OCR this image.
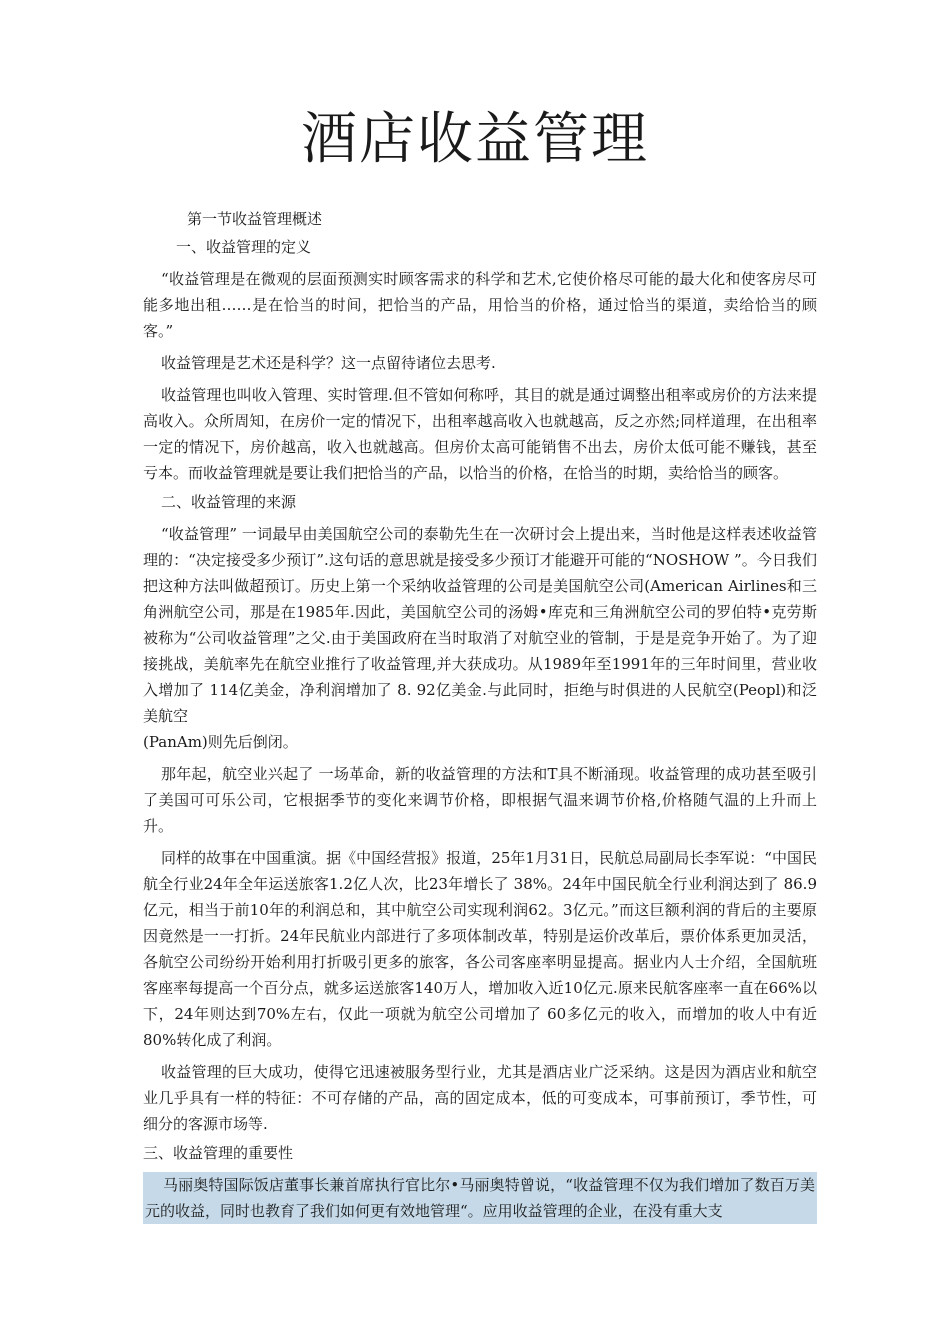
酒店收益管理

第一节收益管理概述

一、收益管理的定义

“收益管理是在微观的层面预测实时顾客需求的科学和艺术,它使价格尽可能的最大化和使客房尽可能多地出租……是在恰当的时间，把恰当的产品，用恰当的价格，通过恰当的渠道，卖给恰当的顾客。”

收益管理是艺术还是科学？这一点留待诸位去思考.

收益管理也叫收入管理、实时管理.但不管如何称呼，其目的就是通过调整出租率或房价的方法来提高收入。众所周知，在房价一定的情况下，出租率越高收入也就越高，反之亦然;同样道理，在出租率一定的情况下，房价越高，收入也就越高。但房价太高可能销售不出去，房价太低可能不赚钱，甚至亏本。而收益管理就是要让我们把恰当的产品，以恰当的价格，在恰当的时期，卖给恰当的顾客。

二、收益管理的来源

“收益管理” 一词最早由美国航空公司的泰勒先生在一次研讨会上提出来，当时他是这样表述收益管理的：“决定接受多少预订”.这句话的意思就是接受多少预订才能避开可能的“NOSHOW ”。今日我们把这种方法叫做超预订。历史上第一个采纳收益管理的公司是美国航空公司(American Airlines和三角洲航空公司，那是在1985年.因此，美国航空公司的汤姆•库克和三角洲航空公司的罗伯特•克劳斯被称为“公司收益管理”之父.由于美国政府在当时取消了对航空业的管制，于是是竞争开始了。为了迎接挑战，美航率先在航空业推行了收益管理,并大获成功。从1989年至1991年的三年时间里，营业收入增加了 114亿美金，净利润增加了 8. 92亿美金.与此同时，拒绝与时俱进的人民航空(Peopl)和泛美航空

(PanAm)则先后倒闭。

那年起，航空业兴起了 一场革命，新的收益管理的方法和T具不断涌现。收益管理的成功甚至吸引了美国可可乐公司，它根据季节的变化来调节价格，即根据气温来调节价格,价格随气温的上升而上升。

同样的故事在中国重演。据《中国经营报》报道，25年1月31日，民航总局副局长李军说：“中国民航全行业24年全年运送旅客1.2亿人次，比23年增长了 38%。24年中国民航全行业利润达到了 86.9亿元，相当于前10年的利润总和，其中航空公司实现利润62。3亿元。”而这巨额利润的背后的主要原因竟然是一一打折。24年民航业内部进行了多项体制改革，特别是运价改革后，票价体系更加灵活，各航空公司纷纷开始利用打折吸引更多的旅客，各公司客座率明显提高。据业内人士介绍，全国航班客座率每提高一个百分点，就多运送旅客140万人，增加收入近10亿元.原来民航客座率一直在66%以下，24年则达到70%左右，仅此一项就为航空公司增加了 60多亿元的收入，而增加的收人中有近80%转化成了利润。

收益管理的巨大成功，使得它迅速被服务型行业，尤其是酒店业广泛采纳。这是因为酒店业和航空业几乎具有一样的特征：不可存储的产品，高的固定成本，低的可变成本，可事前预订，季节性，可细分的客源市场等.

三、收益管理的重要性

马丽奥特国际饭店董事长兼首席执行官比尔•马丽奥特曾说，“收益管理不仅为我们增加了数百万美元的收益，同时也教育了我们如何更有效地管理“。应用收益管理的企业，在没有重大支
